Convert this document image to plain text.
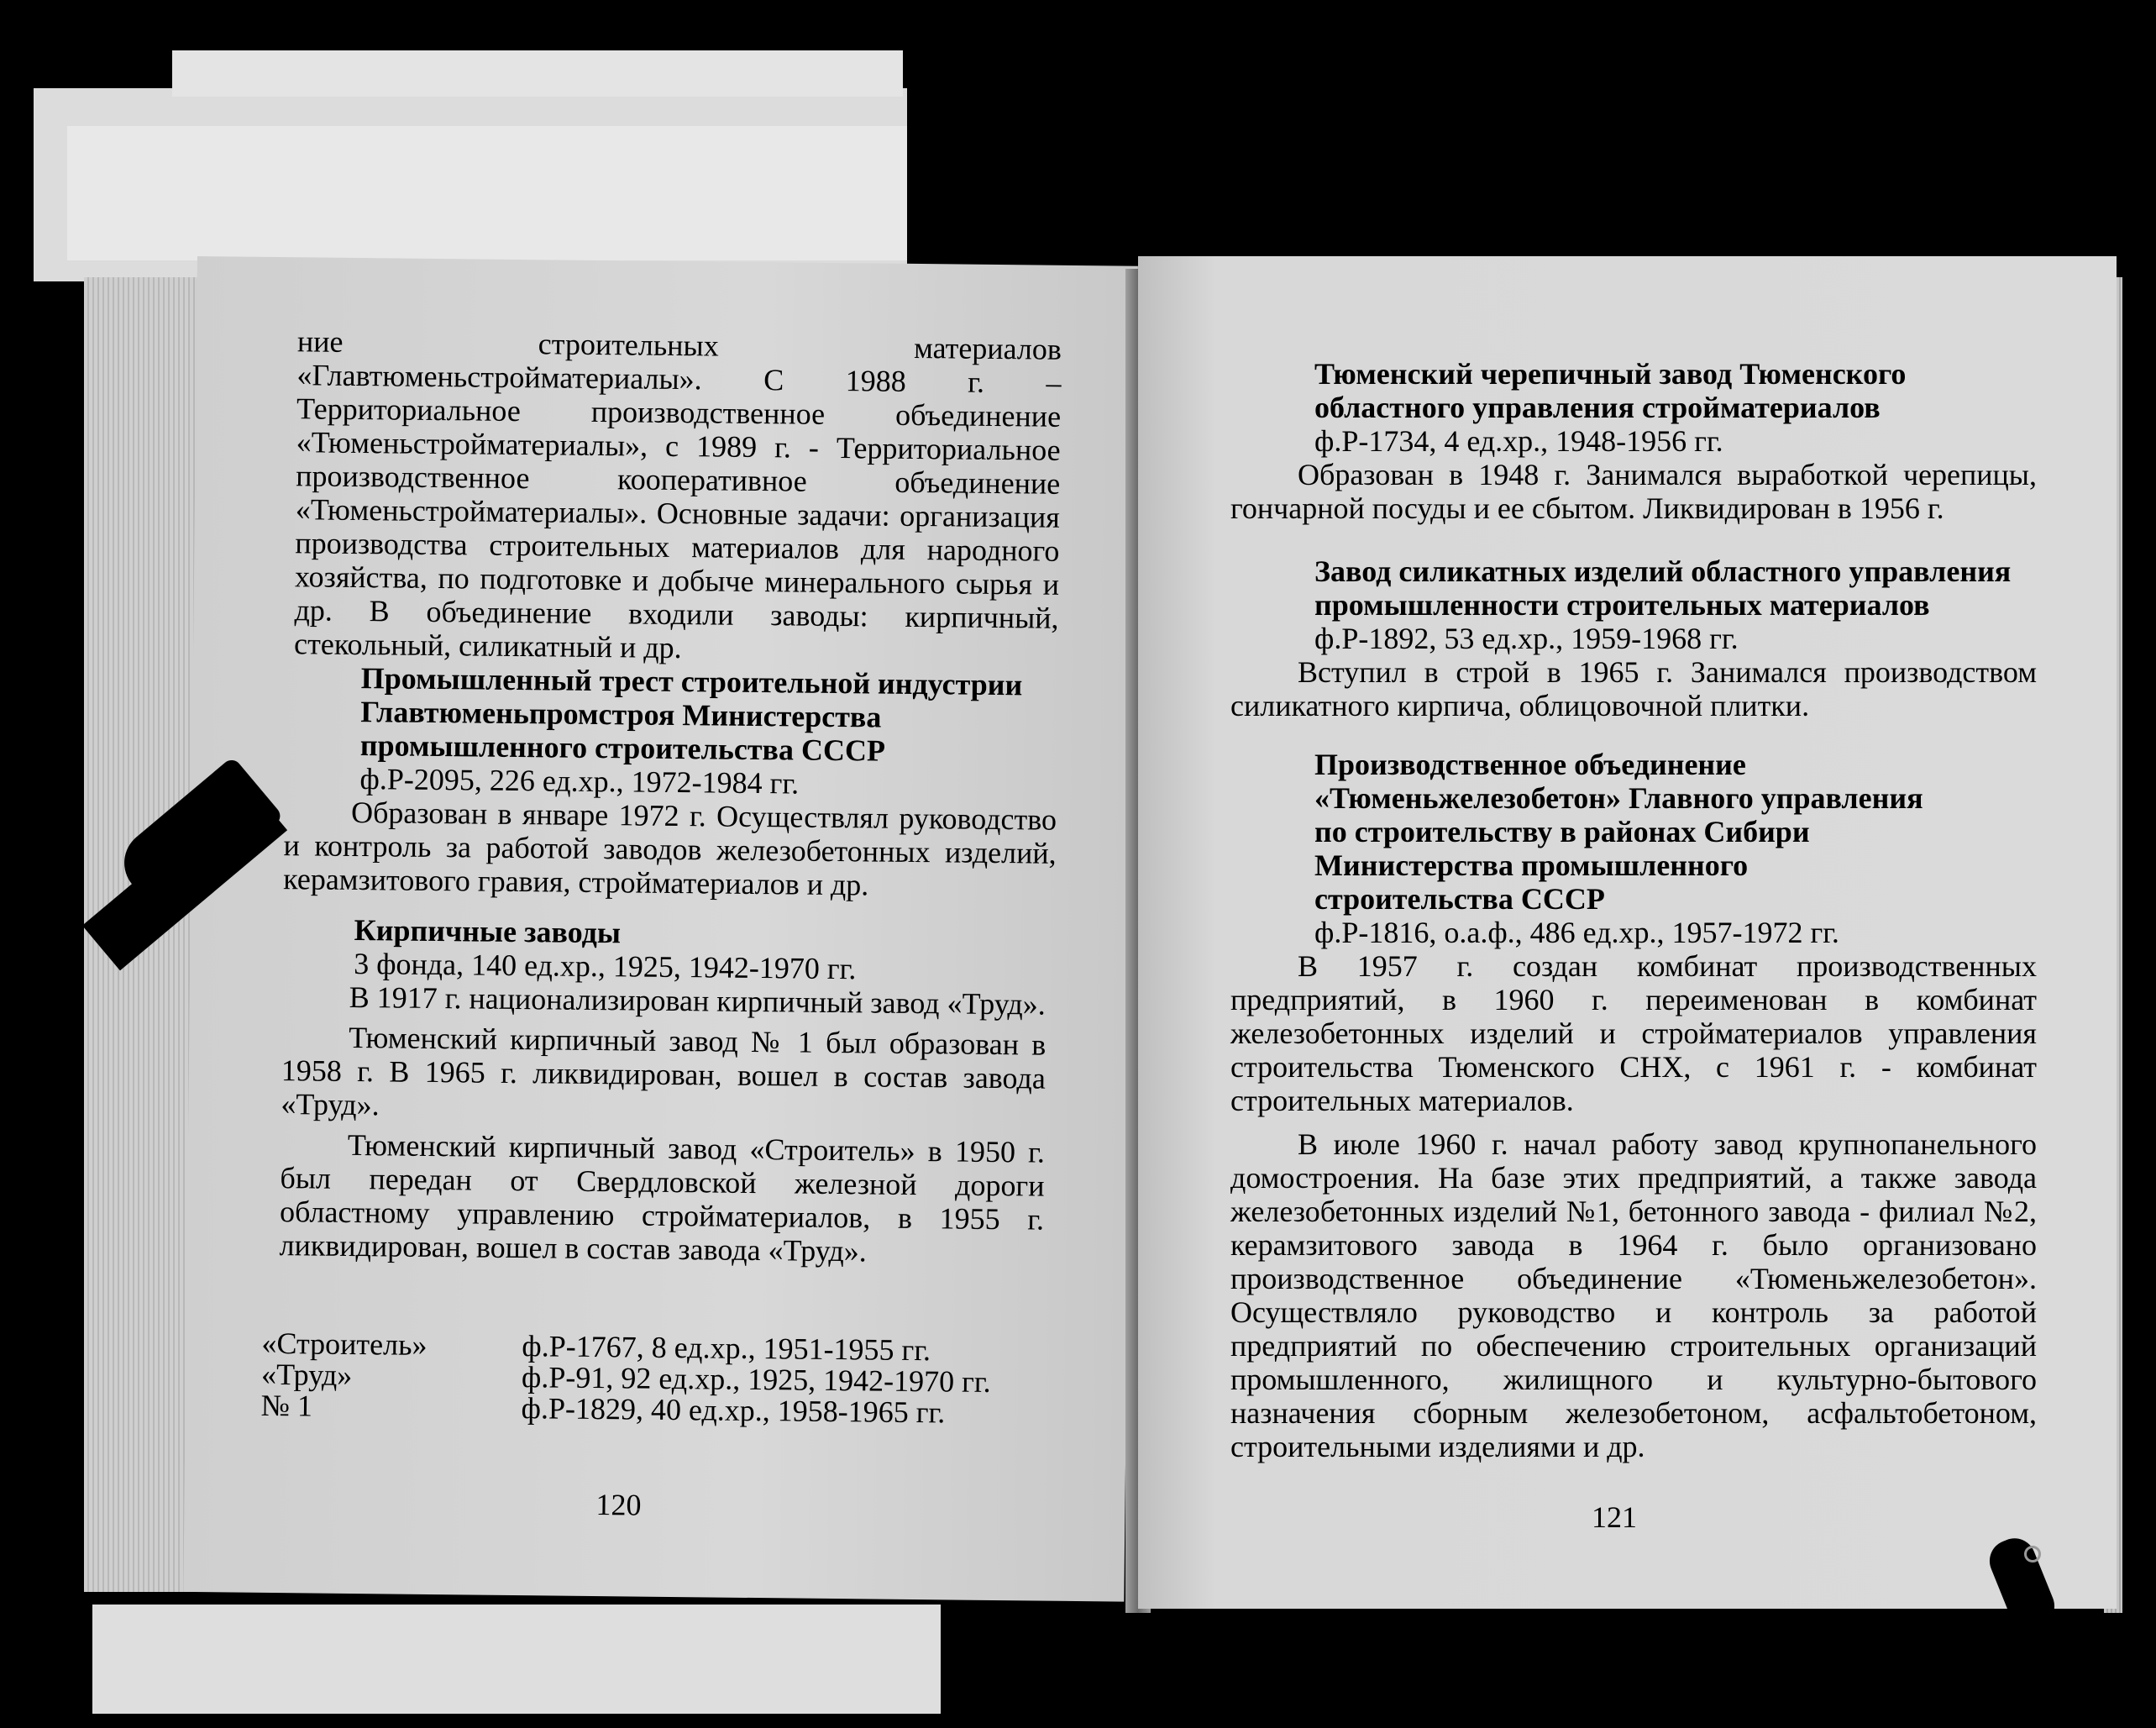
ние строительных материалов «Главтюменьстройматериалы». С 1988 г. – Территориальное производственное объединение «Тюменьстройматериалы», с 1989 г. - Территориальное производственное кооперативное объединение «Тюменьстройматериалы». Основные задачи: организация производства строительных материалов для народного хозяйства, по подготовке и добыче минерального сырья и др. В объединение входили заводы: кирпичный, стекольный, силикатный и др.

Промышленный трест строительной индустрии

Главтюменьпромстроя Министерства

промышленного строительства СССР

ф.Р-2095, 226 ед.хр., 1972-1984 гг.

Образован в январе 1972 г. Осуществлял руководство и контроль за работой заводов железобетонных изделий, керамзитового гравия, стройматериалов и др.

Кирпичные заводы

3 фонда, 140 ед.хр., 1925, 1942-1970 гг.

В 1917 г. национализирован кирпичный завод «Труд».

Тюменский кирпичный завод № 1 был образован в 1958 г. В 1965 г. ликвидирован, вошел в состав завода «Труд».

Тюменский кирпичный завод «Строитель» в 1950 г. был передан от Свердловской железной дороги областному управлению стройматериалов, в 1955 г. ликвидирован, вошел в состав завода «Труд».

«Строитель»	ф.Р-1767, 8 ед.хр., 1951-1955 гг.
«Труд»	ф.Р-91, 92 ед.хр., 1925, 1942-1970 гг.
№ 1	ф.Р-1829, 40 ед.хр., 1958-1965 гг.
120

Тюменский черепичный завод Тюменского

областного управления стройматериалов

ф.Р-1734, 4 ед.хр., 1948-1956 гг.

Образован в 1948 г. Занимался выработкой черепицы, гончарной посуды и ее сбытом. Ликвидирован в 1956 г.

Завод силикатных изделий областного управления

промышленности строительных материалов

ф.Р-1892, 53 ед.хр., 1959-1968 гг.

Вступил в строй в 1965 г. Занимался производством силикатного кирпича, облицовочной плитки.

Производственное объединение

«Тюменьжелезобетон» Главного управления

по строительству в районах Сибири

Министерства промышленного

строительства СССР

ф.Р-1816, о.а.ф., 486 ед.хр., 1957-1972 гг.

В 1957 г. создан комбинат производственных предприятий, в 1960 г. переименован в комбинат железобетонных изделий и стройматериалов управления строительства Тюменского СНХ, с 1961 г. - комбинат строительных материалов.

В июле 1960 г. начал работу завод крупнопанельного домостроения. На базе этих предприятий, а также завода железобетонных изделий №1, бетонного завода - филиал №2, керамзитового завода в 1964 г. было организовано производственное объединение «Тюменьжелезобетон». Осуществляло руководство и контроль за работой предприятий по обеспечению строительных организаций промышленного, жилищного и культурно-бытового назначения сборным железобетоном, асфальтобетоном, строительными изделиями и др.

121
